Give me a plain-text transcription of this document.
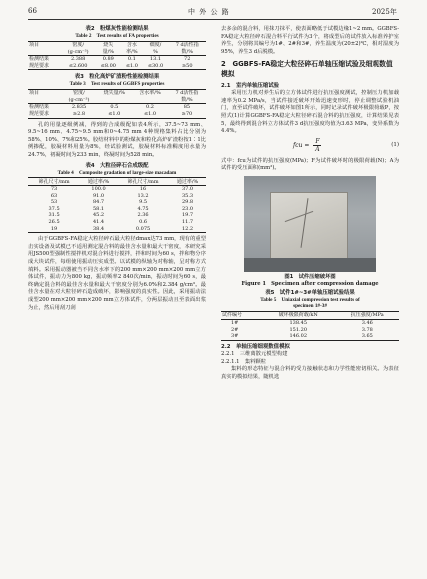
66	中 外 公 路	2025年
表2　粉煤灰性能检测结果
Table 2　Test results of FA properties
项目	密度/	烧失	含水	细度/	7 d活性指
	(g·cm⁻³)	量/%	率/%	%	数/%
检测结果	2.388	0.89	0.1	13.1	72
规范要求	≤2.600	≤8.00	≤1.0	≤30.0	≥50
表3　粒化高炉矿渣粉性能检测结果
Table 3　Test results of GGBFS properties
项目	密度/	烧失量/%	含水率/%	7 d活性指
	(g·cm⁻³)			数/%
检测结果	2.835	0.5	0.2	85
规范要求	≥2.8	≤1.0	≤1.0	≥70

孔的用量逐级例减，得到的合成级配如表4所示，37.5~73 mm、9.5~16 mm、4.75~9.5 mm和0~4.75 mm 4种规格集料占比分别为58%、10%、7%和25%。胶结材料中的粉煤灰和粒化高炉矿渣粉按1∶1比例掺配，胶凝材料用量为8%，经试验测试，胶凝材料标准稠度用水量为24.7%，初凝时间为233 min，终凝时间为528 min。

表4　大粒径碎石合成级配
Table 4　Composite gradation of large-size macadam
筛孔尺寸/mm	通过率/%	筛孔尺寸/mm	通过率/%
73	100.0	16	37.0
63	91.0	13.2	35.3
53	84.7	9.5	29.8
37.5	58.1	4.75	23.0
31.5	45.2	2.36	19.7
26.5	41.4	0.6	11.7
19	38.4	0.075	12.2

由于GGBFS-FA稳定大粒径碎石最大粒径dmax达73 mm，现有的重型击实设备及试模已不适用测定混合料的最佳含水量和最大干密度，本研究采用JS500型强制性搅拌机对混合料进行搅拌，拌和时间为60 s，拌和物分序成大块试件，每组使用振动压实成型。以试模的纵轴为对称轴，呈对称方式填料。采用振动器被当不同含水率下的200 mm×200 mm×200 mm立方体试件，振动力为800 kg，振动频率2 840次/min，振动时间为60 s，最终确定混合料的最佳含水量和最大干密度分别为6.0%和2.384 g/cm³。最佳含水量在对大粒径碎石造成破坏，影响强度的真实性。因此，采用振动法成型200 mm×200 mm×200 mm立方体试件，分两层振动且至表面出浆为止，然后用刮刀刮

去多余的混合料，用抹刀抹平，使表面略低于试模边缘1~2 mm。GGBFS-FA稳定大粒径碎石混合料平行试件为3个，将成型后的试件放入标准养护室养生，分别将其编号为1#、2#和3#，养生温度为(20±2)℃，相对湿度为95%，养生3 d后脱模。

2　GGBFS-FA稳定大粒径碎石单轴压缩试验及细观数值模拟
2.1　室内单轴压缩试验

采用压力机对养生后的立方体试件进行抗压强度测试，控制压力机加载速率为0.2 MPa/s，当试件接近破坏开始迅速变形时，停止调整试验机油门，直至试件破坏，试件破坏如图1所示，同时记录试件破坏极限荷载P，按照式(1)计算GGBFS-FA稳定大粒径碎石混合料的抗压强度，计算结果见表5，最终得到混合料立方体试件3 d抗压强度均值为3.63 MPa，变异系数为4.4%。

fcu = $\frac{F}{A}$	(1)

式中：fcu为试件的抗压强度(MPa)；F为试件破坏时的极限荷载(N)；A为试件的受压面积(mm²)。

图1　试件压缩破坏图
Figure 1　Specimen after compression damage
表5　试件1#~3#单轴压缩试验结果
Table 5　Uniaxial compression test results of
specimen 1#-3#
试件编号	破坏极限荷载/kN	抗压强度/MPa
1#	138.45	3.46
2#	151.20	3.78
3#	146.02	3.65
2.2　单轴压缩细观数值模拟
2.2.1　三维离散元模型构建
2.2.1.1　集料颗粒

集料的形态特征与混合料的受力接触状态和力学性能密切相关。为表征真实的模拟结果，随机选
